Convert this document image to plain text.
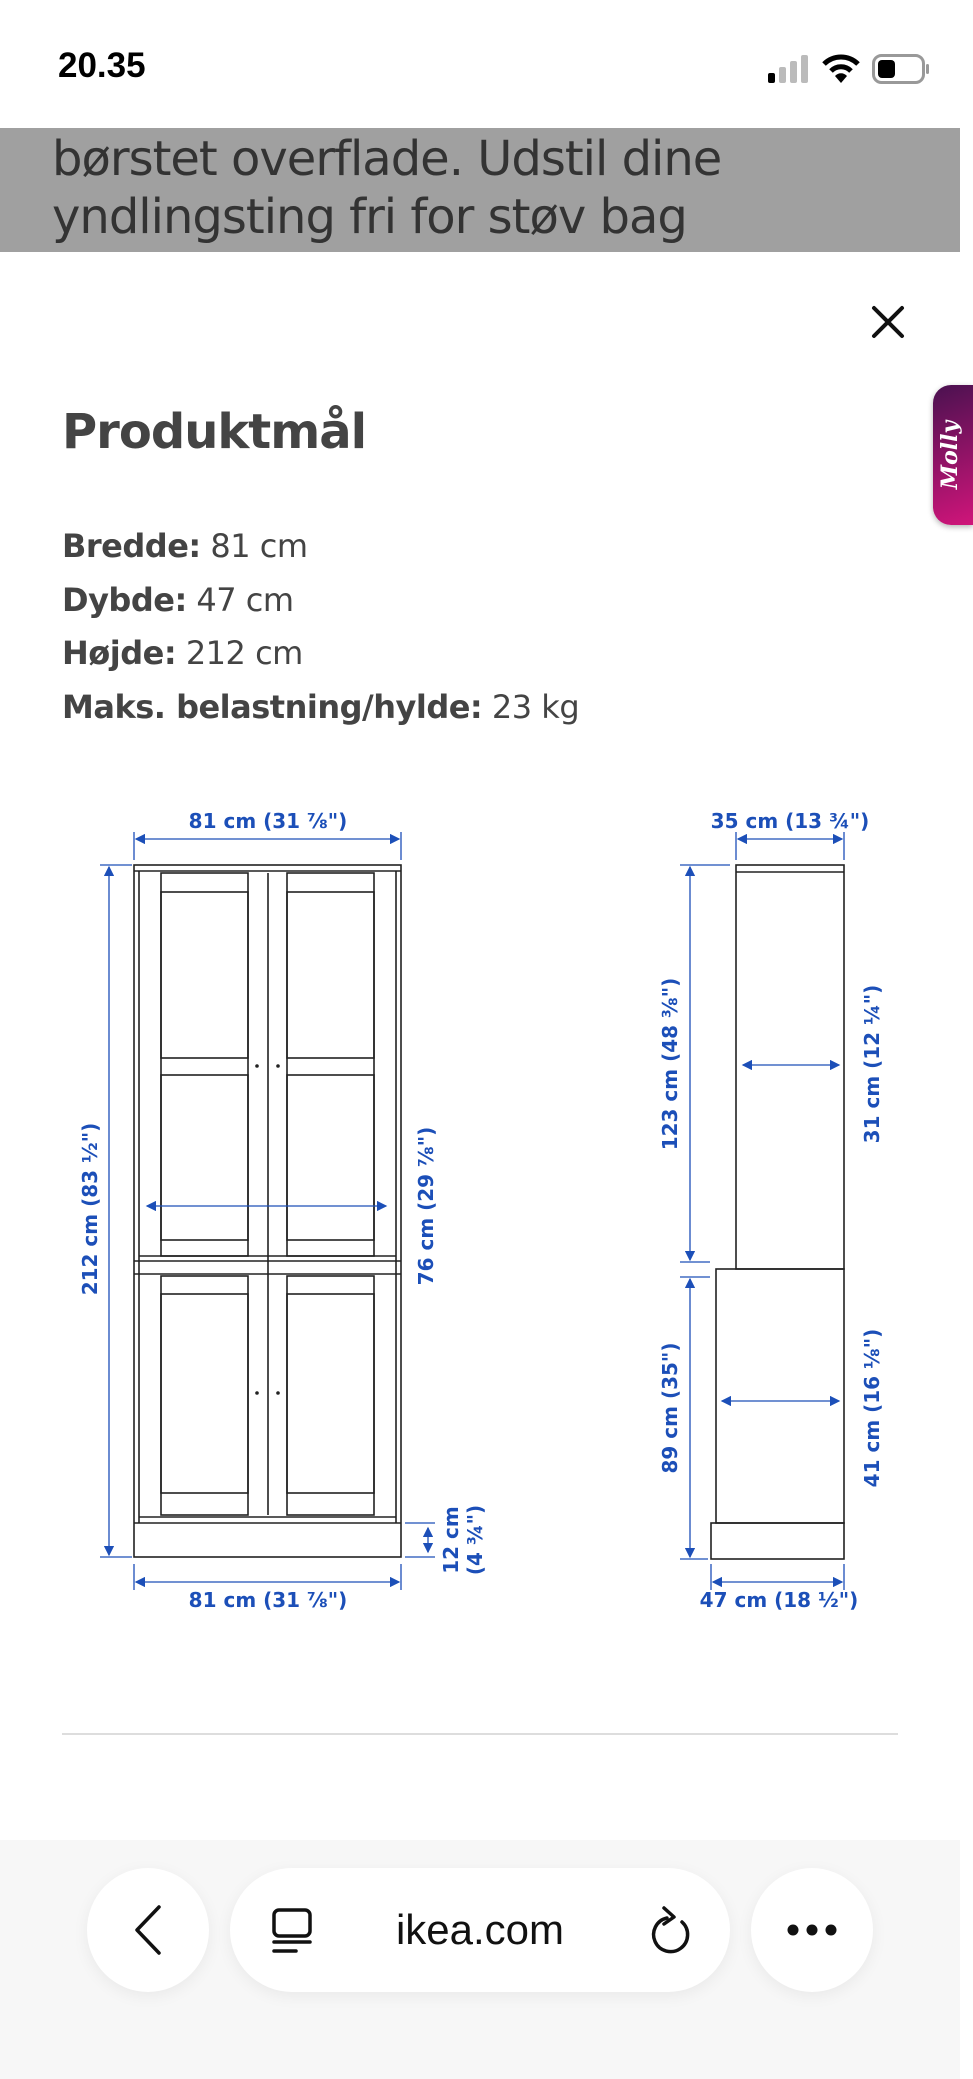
20.35
børstet overflade. Udstil dine
yndlingsting fri for støv bag
Molly
Produktmål
Bredde: 81 cm
Dybde: 47 cm
Højde: 212 cm
Maks. belastning/hylde: 23 kg
81 cm (31 ⅞")
212 cm (83 ½")	76 cm (29 ⅞")
12 cm (4 ¾")
81 cm (31 ⅞")
35 cm (13 ¾")
123 cm (48 ⅜")
89 cm (35")
31 cm (12 ¼")
41 cm (16 ⅛")
47 cm (18 ½")
ikea.com
